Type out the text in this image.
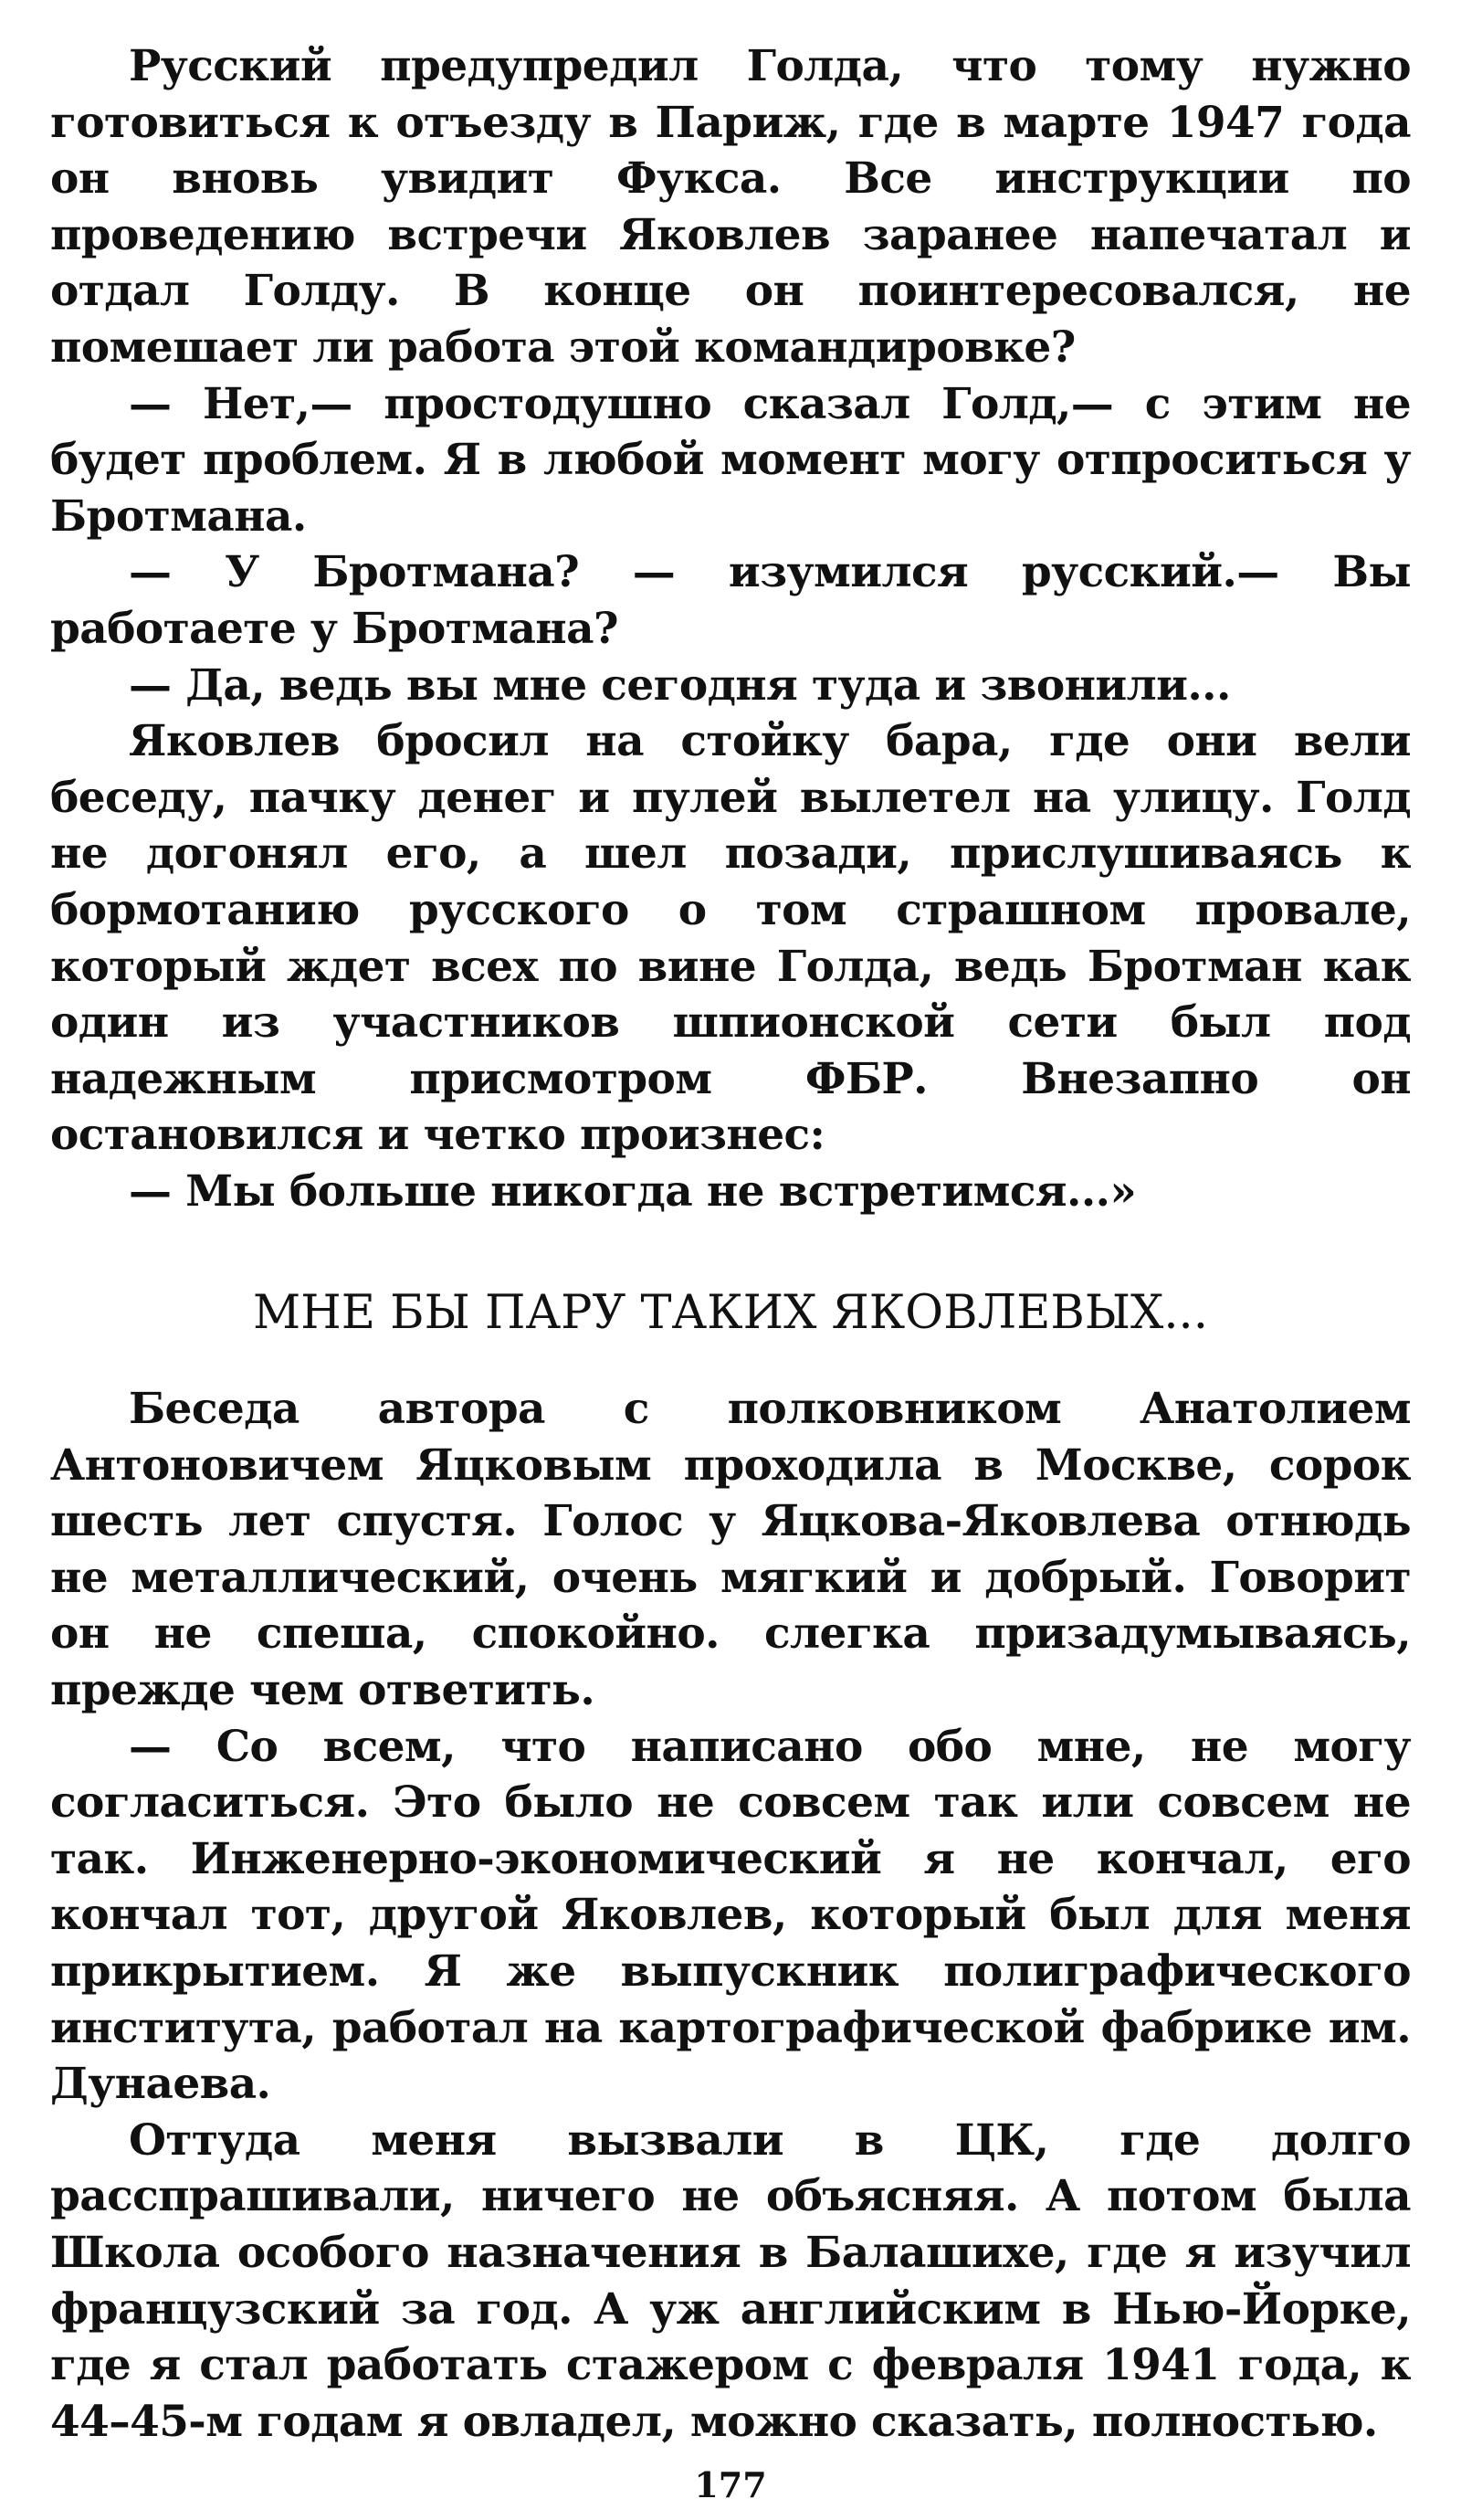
Русский предупредил Голда, что тому нужно готовиться к отъезду в Париж, где в марте 1947 года он вновь увидит Фукса. Все инструкции по проведению встречи Яковлев заранее напечатал и отдал Голду. В конце он поинтересовался, не помешает ли работа этой командировке?

— Нет,— простодушно сказал Голд,— с этим не будет проблем. Я в любой момент могу отпроситься у Бротмана.

— У Бротмана? — изумился русский.— Вы работаете у Бротмана?

— Да, ведь вы мне сегодня туда и звонили...

Яковлев бросил на стойку бара, где они вели беседу, пачку денег и пулей вылетел на улицу. Голд не догонял его, а шел позади, прислушиваясь к бормотанию русского о том страшном провале, который ждет всех по вине Голда, ведь Бротман как один из участников шпионской сети был под надежным присмотром ФБР. Внезапно он остановился и четко произнес:

— Мы больше никогда не встретимся...»

МНЕ БЫ ПАРУ ТАКИХ ЯКОВЛЕВЫХ...

Беседа автора с полковником Анатолием Антоновичем Яцковым проходила в Москве, сорок шесть лет спустя. Голос у Яцкова-Яковлева отнюдь не металлический, очень мягкий и добрый. Говорит он не спеша, спокойно. слегка призадумываясь, прежде чем ответить.

— Со всем, что написано обо мне, не могу согласиться. Это было не совсем так или совсем не так. Инженерно-экономический я не кончал, его кончал тот, другой Яковлев, который был для меня прикрытием. Я же выпускник полиграфического института, работал на картографической фабрике им. Дунаева.

Оттуда меня вызвали в ЦК, где долго расспрашивали, ничего не объясняя. А потом была Школа особого назначения в Балашихе, где я изучил французский за год. А уж английским в Нью-Йорке, где я стал работать стажером с февраля 1941 года, к 44–45-м годам я овладел, можно сказать, полностью.

177
